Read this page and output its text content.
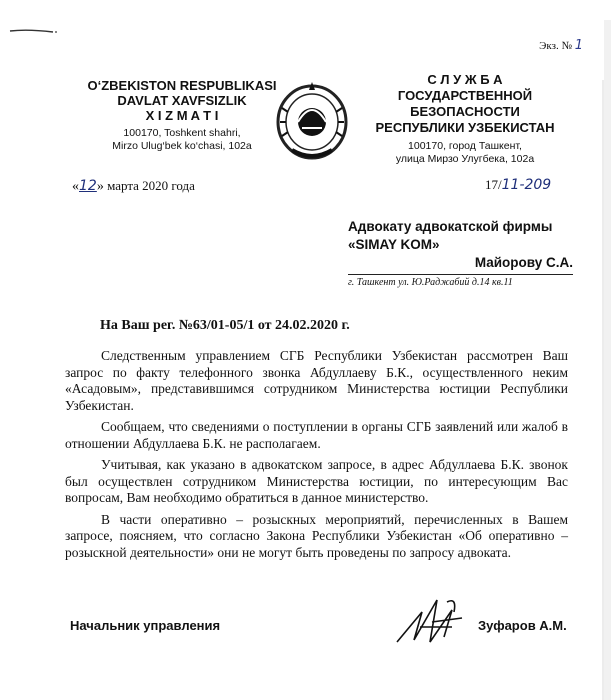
Экз. № 1
O‘ZBEKISTON RESPUBLIKASI
DAVLAT XAVFSIZLIK
X I Z M A T I
100170, Toshkent shahri,
Mirzo Ulug‘bek ko‘chasi, 102a
С Л У Ж Б А
ГОСУДАРСТВЕННОЙ
БЕЗОПАСНОСТИ
РЕСПУБЛИКИ УЗБЕКИСТАН
100170, город Ташкент,
улица Мирзо Улугбека, 102a
«12» марта 2020 года	17/11-209
Адвокату адвокатской фирмы
«SIMAY KOM»
Майорову С.А.
г. Ташкент ул. Ю.Раджабий д.14 кв.11
На Ваш рег. №63/01-05/1 от 24.02.2020 г.

Следственным управлением СГБ Республики Узбекистан рассмотрен Ваш запрос по факту телефонного звонка Абдуллаеву Б.К., осуществленного неким «Асадовым», представившимся сотрудником Министерства юстиции Республики Узбекистан.

Сообщаем, что сведениями о поступлении в органы СГБ заявлений или жалоб в отношении Абдуллаева Б.К. не располагаем.

Учитывая, как указано в адвокатском запросе, в адрес Абдуллаева Б.К. звонок был осуществлен сотрудником Министерства юстиции, по интересующим Вас вопросам, Вам необходимо обратиться в данное министерство.

В части оперативно – розыскных мероприятий, перечисленных в Вашем запросе, поясняем, что согласно Закона Республики Узбекистан «Об оперативно – розыскной деятельности» они не могут быть проведены по запросу адвоката.

Начальник управления	Зуфаров А.М.
